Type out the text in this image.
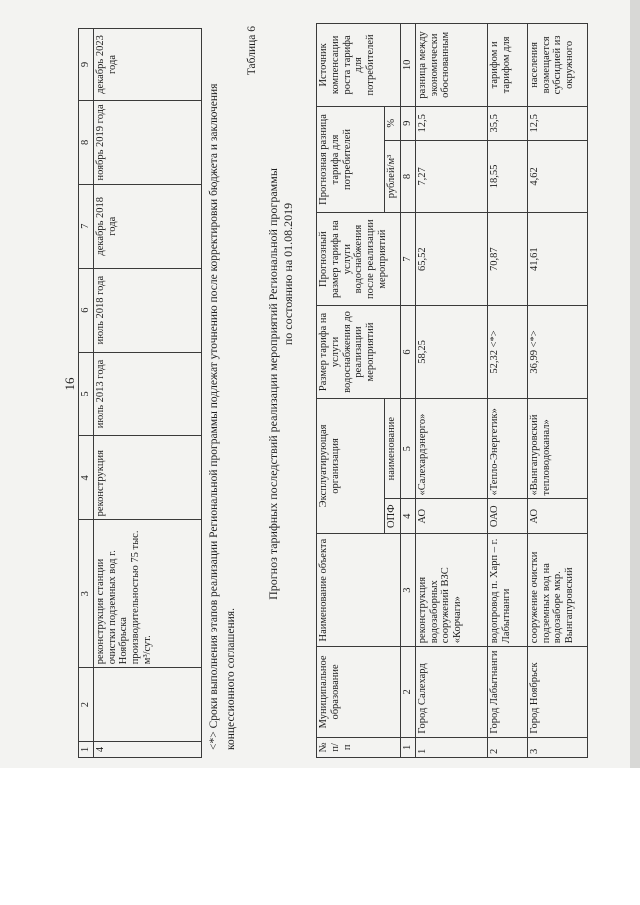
16
1	2	3	4	5	6	7	8	9
4		реконструкция станции очистки подземных вод г. Ноябрьска производительностью 75 тыс. м³/сут.	реконструкция	июль 2013 года	июль 2018 года	декабрь 2018 года	ноябрь 2019 года	декабрь 2023 года
<*> Сроки выполнения этапов реализации Региональной программы подлежат уточнению после корректировки бюджета и заключения концессионного соглашения.
Таблица 6
Прогноз тарифных последствий реализации мероприятий Региональной программы по состоянию на 01.08.2019
№ п/п	Муниципальное образование	Наименование объекта	Эксплуатирующая организация		Размер тарифа на услуги водоснабжения до реализации мероприятий	Прогнозный размер тарифа на услуги водоснабжения после реализации мероприятий	Прогнозная разница тарифа для потребителей		Источник компенсации роста тарифа для потребителей
			ОПФ	наименование			рублей/м³	%	
1	2	3	4	5	6	7	8	9	10
1	Город Салехард	реконструкция водозаборных сооружений ВЗС «Корчаги»	АО	«Салехардэнерго»	58,25	65,52	7,27	12,5	разница между экономически обоснованным
2	Город Лабытнанги	водопровод п. Харп – г. Лабытнанги	ОАО	«Тепло-Энергетик»	52,32 <*>	70,87	18,55	35,5	тарифом и тарифом для
3	Город Ноябрьск	сооружение очистки подземных вод на водозаборе мкр. Вынгапуровский	АО	«Вынгапуровский тепловодоканал»	36,99 <*>	41,61	4,62	12,5	населения возмещается субсидией из окружного
